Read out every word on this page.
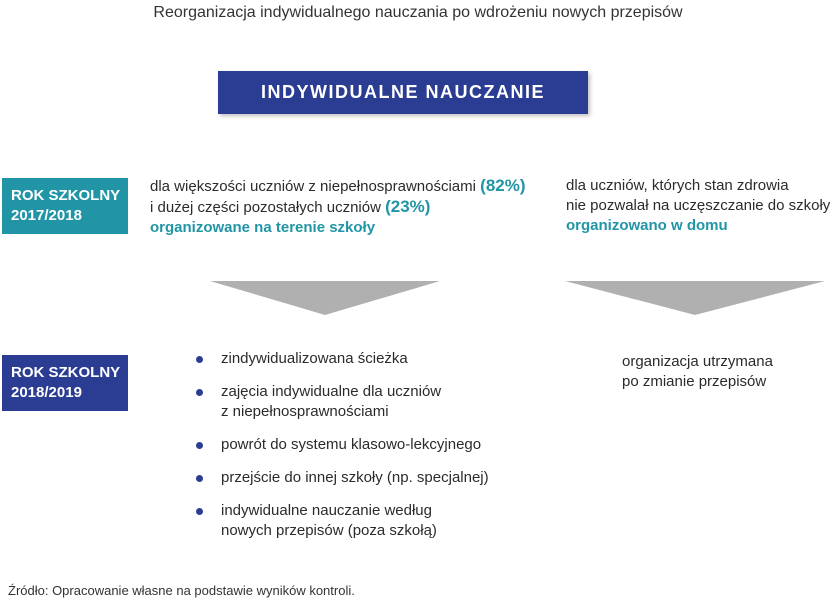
Reorganizacja indywidualnego nauczania po wdrożeniu nowych przepisów
INDYWIDUALNE NAUCZANIE
ROK SZKOLNY
2017/2018
dla większości uczniów z niepełnosprawnościami (82%)
i dużej części pozostałych uczniów (23%)
organizowane na terenie szkoły
dla uczniów, których stan zdrowia
nie pozwalał na uczęszczanie do szkoły
organizowano w domu
ROK SZKOLNY
2018/2019
zindywidualizowana ścieżka
zajęcia indywidualne dla uczniów
z niepełnosprawnościami
powrót do systemu klasowo-lekcyjnego
przejście do innej szkoły (np. specjalnej)
indywidualne nauczanie według
nowych przepisów (poza szkołą)
organizacja utrzymana
po zmianie przepisów
Źródło: Opracowanie własne na podstawie wyników kontroli.
